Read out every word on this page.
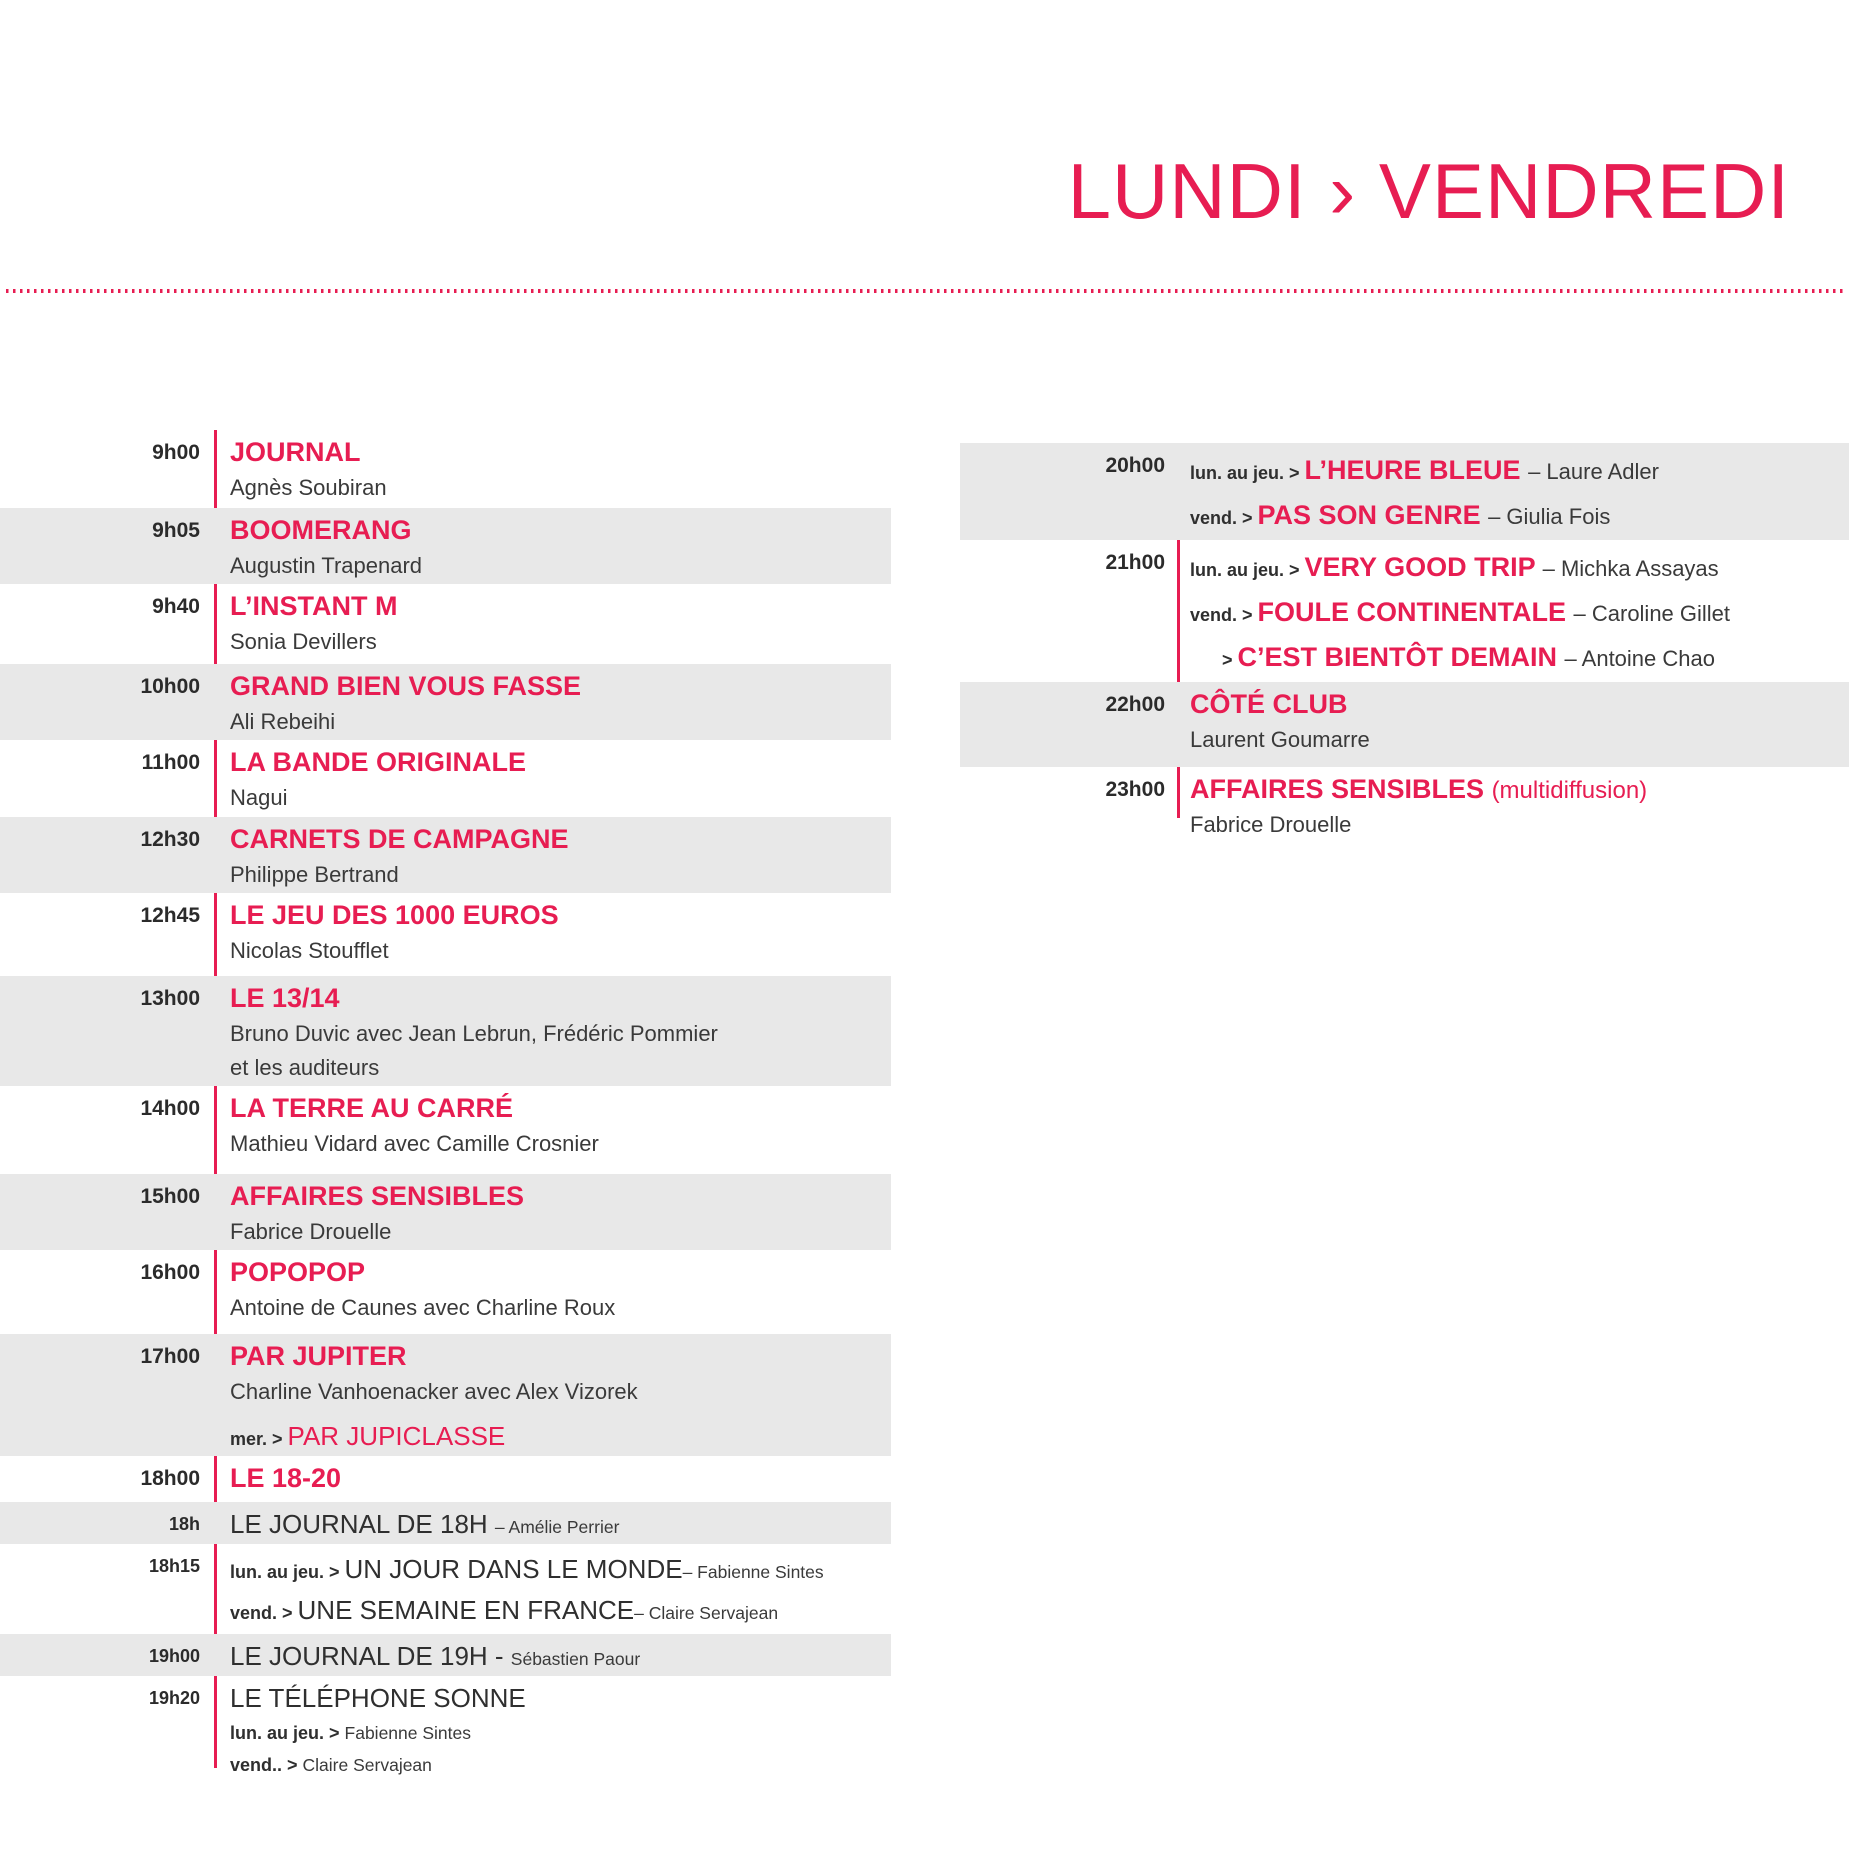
LUNDI › VENDREDI
9h00 JOURNAL
Agnès Soubiran
9h05 BOOMERANG
Augustin Trapenard
9h40 L’INSTANT M
Sonia Devillers
10h00 GRAND BIEN VOUS FASSE
Ali Rebeihi
11h00 LA BANDE ORIGINALE
Nagui
12h30 CARNETS DE CAMPAGNE
Philippe Bertrand
12h45 LE JEU DES 1000 EUROS
Nicolas Stoufflet
13h00 LE 13/14
Bruno Duvic avec Jean Lebrun, Frédéric Pommier
et les auditeurs
14h00 LA TERRE AU CARRÉ
Mathieu Vidard avec Camille Crosnier
15h00 AFFAIRES SENSIBLES
Fabrice Drouelle
16h00 POPOPOP
Antoine de Caunes avec Charline Roux
17h00 PAR JUPITER
Charline Vanhoenacker avec Alex Vizorek
mer. > PAR JUPICLASSE
18h00 LE 18-20
18h LE JOURNAL DE 18H – Amélie Perrier
18h15 lun. au jeu. > UN JOUR DANS LE MONDE– Fabienne Sintes
vend. > UNE SEMAINE EN FRANCE– Claire Servajean
19h00 LE JOURNAL DE 19H - Sébastien Paour
19h20 LE TÉLÉPHONE SONNE
lun. au jeu. > Fabienne Sintes
vend.. > Claire Servajean
20h00 lun. au jeu. > L’HEURE BLEUE – Laure Adler
vend. > PAS SON GENRE – Giulia Fois
21h00 lun. au jeu. > VERY GOOD TRIP – Michka Assayas
vend. > FOULE CONTINENTALE – Caroline Gillet
> C’EST BIENTÔT DEMAIN – Antoine Chao
22h00 CÔTÉ CLUB
Laurent Goumarre
23h00 AFFAIRES SENSIBLES (multidiffusion)
Fabrice Drouelle
